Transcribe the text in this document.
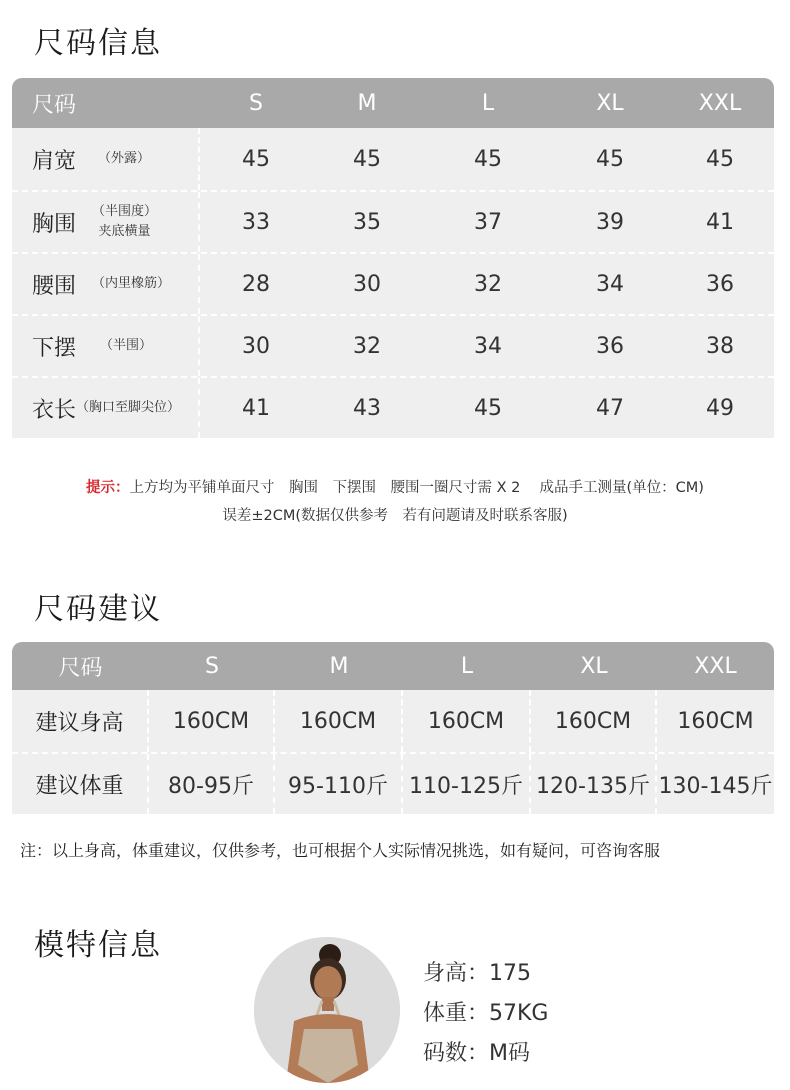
尺码信息
尺码	S	M	L	XL	XXL
肩宽 （外露）	45	45	45	45	45
胸围 （半围度）
夹底横量	33	35	37	39	41
腰围 （内里橡筋）	28	30	32	34	36
下摆 （半围）	30	32	34	36	38
衣长 （胸口至脚尖位）	41	43	45	47	49
提示：上方均为平铺单面尺寸　胸围　下摆围　腰围一圈尺寸需 X 2　 成品手工测量(单位：CM)
误差±2CM(数据仅供参考　若有问题请及时联系客服)
尺码建议
尺码	S	M	L	XL	XXL
建议身高	160CM	160CM	160CM	160CM	160CM
建议体重	80-95斤	95-110斤 110-125斤 120-135斤 130-145斤
注：以上身高，体重建议，仅供参考，也可根据个人实际情况挑选，如有疑问，可咨询客服
模特信息
身高：175
体重：57KG
码数：M码
